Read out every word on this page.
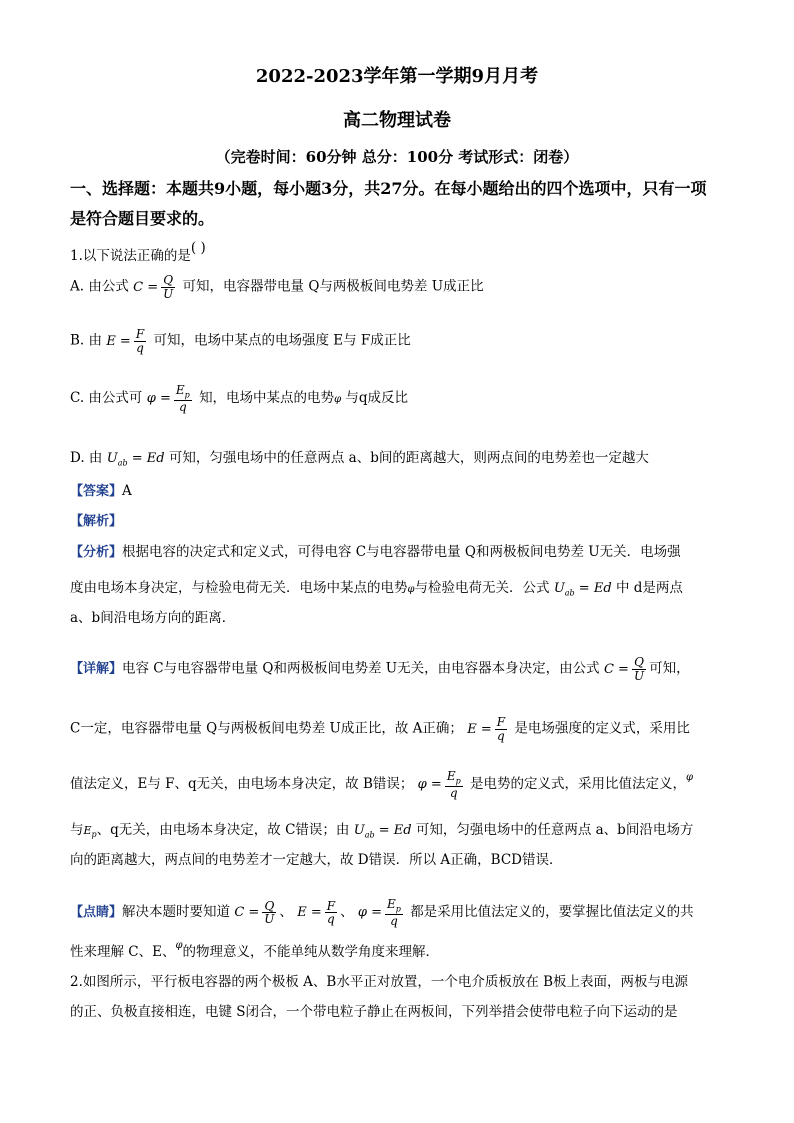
2022-2023学年第一学期9月月考
高二物理试卷
（完卷时间：60分钟 总分：100分 考试形式：闭卷）
一、选择题：本题共9小题，每小题3分，共27分。在每小题给出的四个选项中，只有一项
是符合题目要求的。
1.以下说法正确的是( )
A. 由公式 $C = \frac{Q}{U}$ 可知，电容器带电量 Q与两极板间电势差 U成正比
B. 由 $E = \frac{F}{q}$ 可知，电场中某点的电场强度 E与 F成正比
C. 由公式可 $\varphi = \frac{E_p}{q}$ 知，电场中某点的电势φ 与q成反比
D. 由 $U_{ab} = Ed$ 可知，匀强电场中的任意两点 a、b间的距离越大，则两点间的电势差也一定越大
【答案】A
【解析】
【分析】根据电容的决定式和定义式，可得电容 C与电容器带电量 Q和两极板间电势差 U无关．电场强
度由电场本身决定，与检验电荷无关．电场中某点的电势φ与检验电荷无关．公式 $U_{ab} = Ed$ 中 d是两点
a、b间沿电场方向的距离．
【详解】电容 C与电容器带电量 Q和两极板间电势差 U无关，由电容器本身决定，由公式 $C = \frac{Q}{U}$ 可知，
C一定，电容器带电量 Q与两极板间电势差 U成正比，故 A正确； $E = \frac{F}{q}$ 是电场强度的定义式，采用比
值法定义，E与 F、q无关，由电场本身决定，故 B错误； $\varphi = \frac{E_p}{q}$ 是电势的定义式，采用比值法定义，$^\varphi$
与$E_p$、q无关，由电场本身决定，故 C错误；由 $U_{ab} = Ed$ 可知，匀强电场中的任意两点 a、b间沿电场方
向的距离越大，两点间的电势差才一定越大，故 D错误．所以 A正确，BCD错误．
【点睛】解决本题时要知道 $C = \frac{Q}{U}$ 、 $E = \frac{F}{q}$ 、 $\varphi = \frac{E_p}{q}$ 都是采用比值法定义的，要掌握比值法定义的共
性来理解 C、E、$^\varphi$的物理意义，不能单纯从数学角度来理解．
2.如图所示，平行板电容器的两个极板 A、B水平正对放置，一个电介质板放在 B板上表面，两板与电源
的正、负极直接相连，电键 S闭合，一个带电粒子静止在两板间，下列举措会使带电粒子向下运动的是
